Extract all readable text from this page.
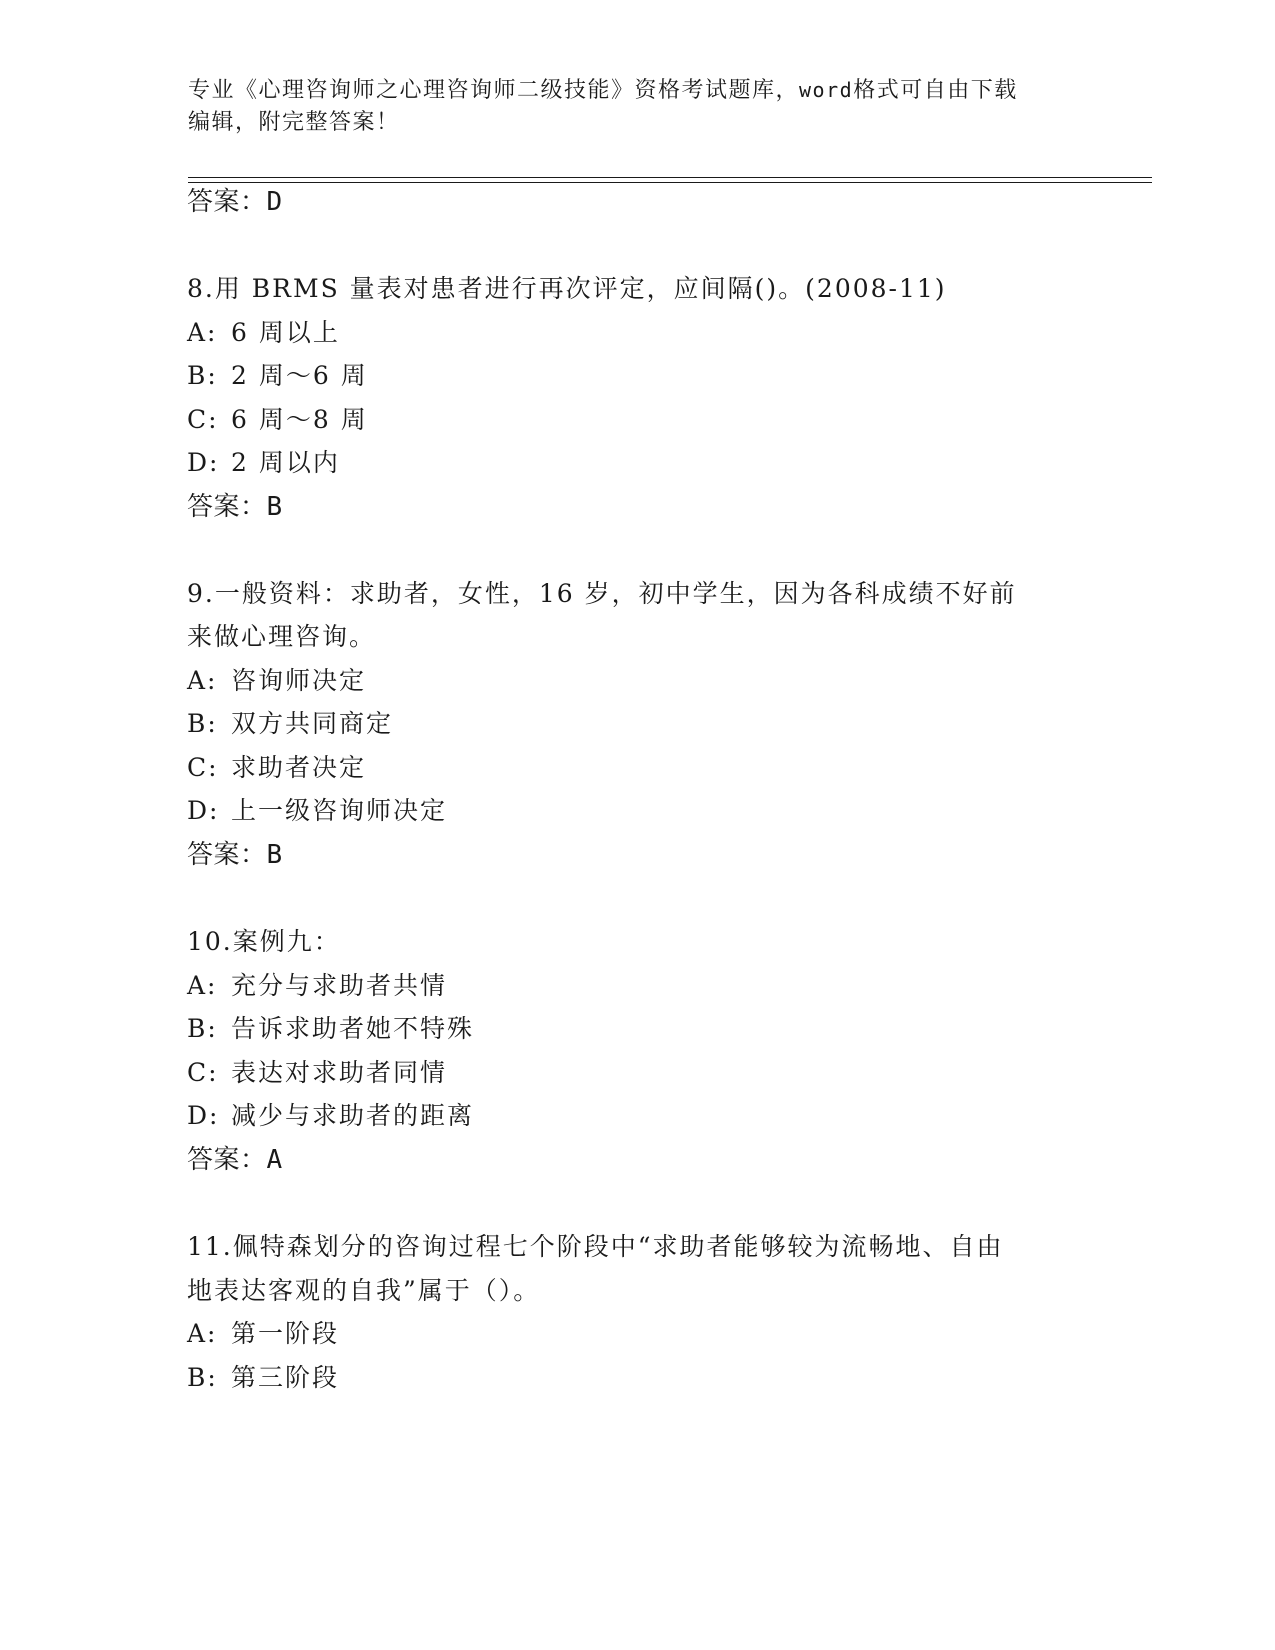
专业《心理咨询师之心理咨询师二级技能》资格考试题库，word格式可自由下载
编辑，附完整答案！
答案：D
8.用 BRMS 量表对患者进行再次评定，应间隔()。(2008-11)
A: 6 周以上
B: 2 周～6 周
C: 6 周～8 周
D: 2 周以内
答案：B
9.一般资料：求助者，女性，16 岁，初中学生，因为各科成绩不好前
来做心理咨询。
A: 咨询师决定
B: 双方共同商定
C: 求助者决定
D: 上一级咨询师决定
答案：B
10.案例九：
A: 充分与求助者共情
B: 告诉求助者她不特殊
C: 表达对求助者同情
D: 减少与求助者的距离
答案：A
11.佩特森划分的咨询过程七个阶段中“求助者能够较为流畅地、自由
地表达客观的自我”属于（）。
A: 第一阶段
B: 第三阶段
